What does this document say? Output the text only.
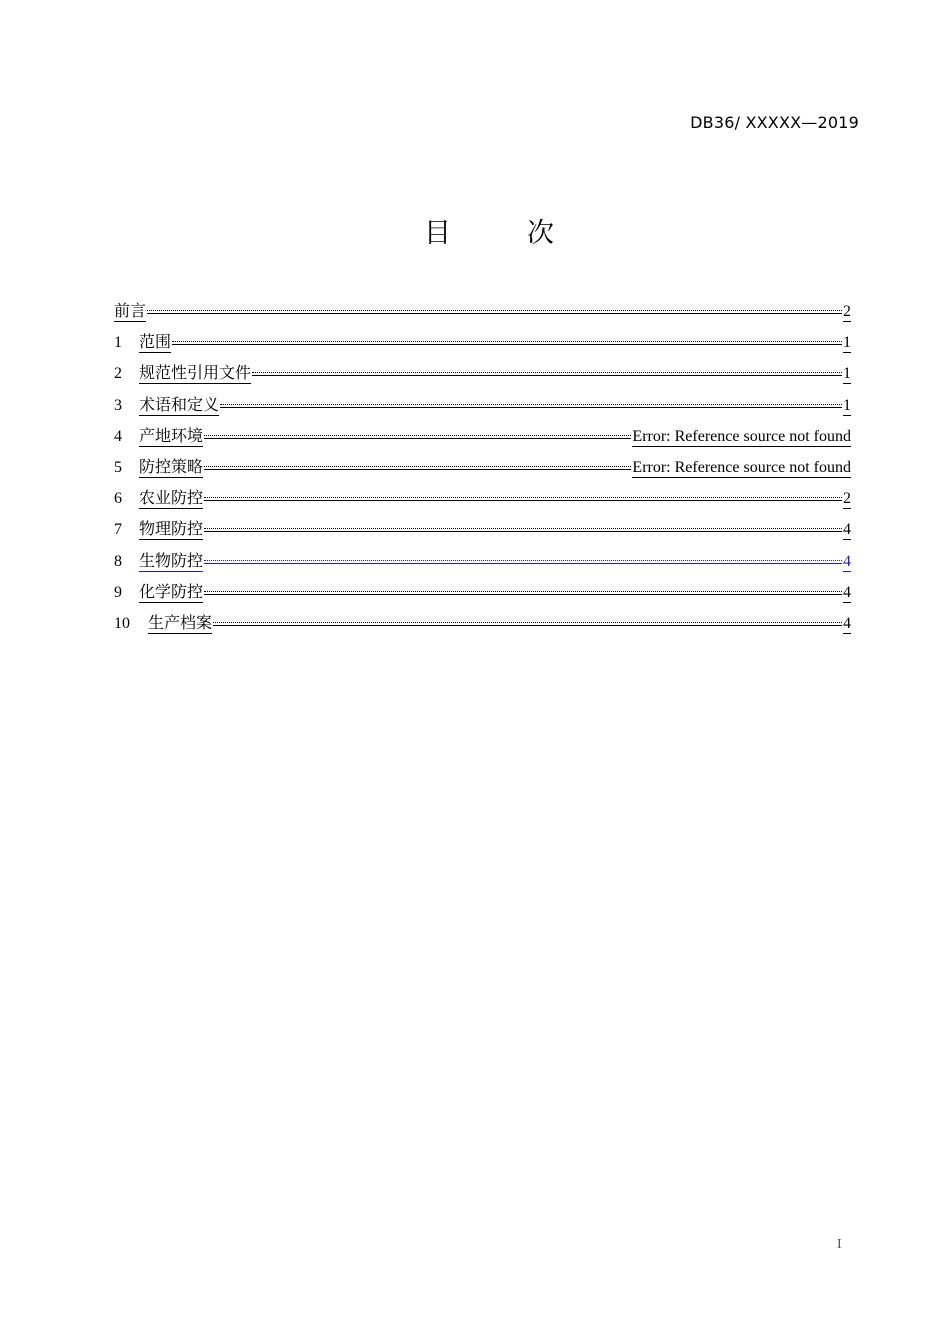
DB36/ XXXXX—2019
目	次
前言	2
1	范围	1
2	规范性引用文件	1
3	术语和定义	1
4	产地环境	Error: Reference source not found
5	防控策略	Error: Reference source not found
6	农业防控	2
7	物理防控	4
8	生物防控	4
9	化学防控	4
10	生产档案	4
I
